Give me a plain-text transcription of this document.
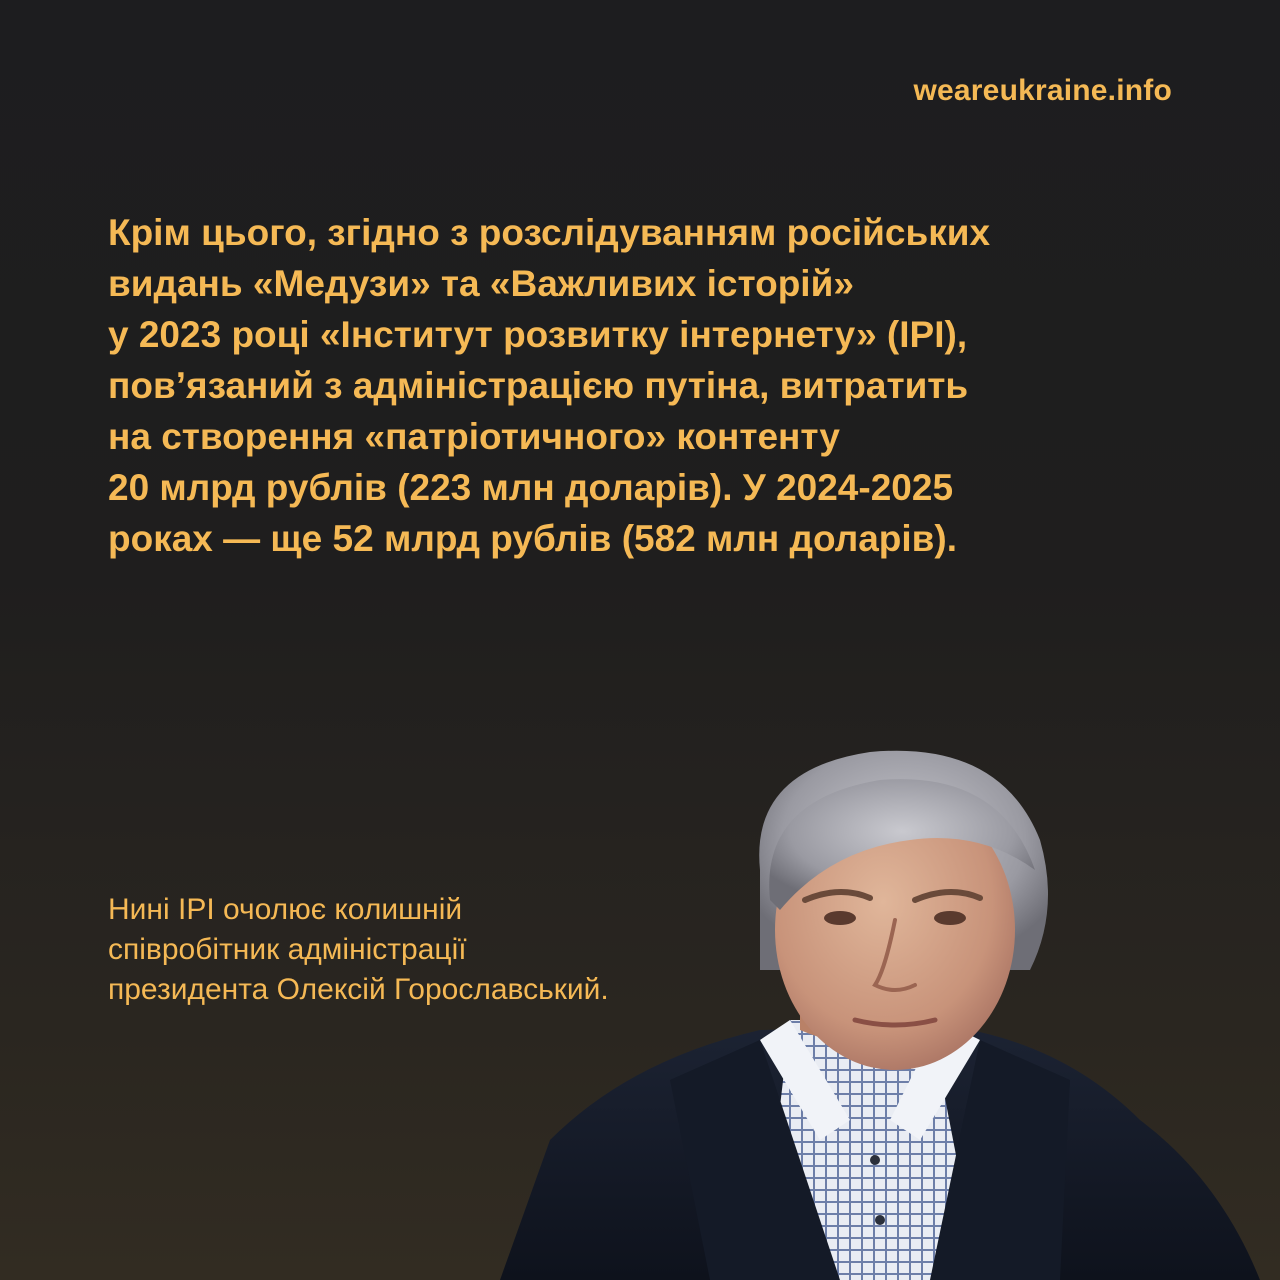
weareukraine.info

Крім цього, згідно з розслідуванням російських
видань «Медузи» та «Важливих історій»
у 2023 році «Інститут розвитку інтернету» (ІРІ),
пов’язаний з адміністрацією путіна, витратить
на створення «патріотичного» контенту
20 млрд рублів (223 млн доларів). У 2024-2025
роках — ще 52 млрд рублів (582 млн доларів).

Нині ІРІ очолює колишній
співробітник адміністрації
президента Олексій Горославський.
